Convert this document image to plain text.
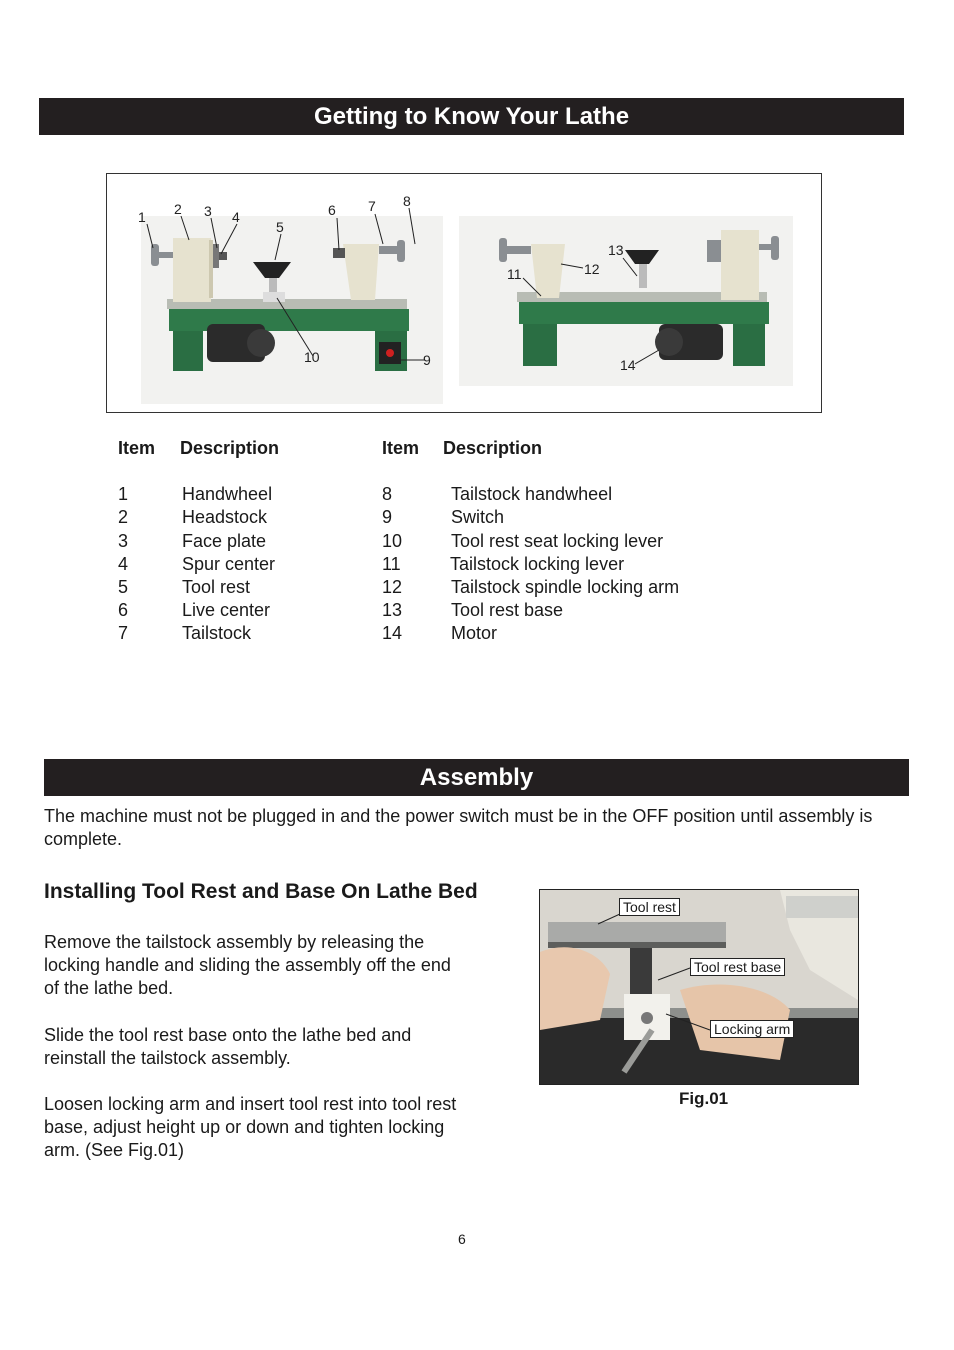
Getting to Know Your Lathe
1 2 3 4
5
6 7 8
9
10
11	12
13
14
Item Description	Item Description
1	Handwheel
2	Headstock
3	Face plate
4	Spur center
5	Tool rest
6	Live center
7	Tailstock
8	Tailstock handwheel
9	Switch
10	Tool rest seat locking lever
11	Tailstock locking lever
12	Tailstock spindle locking arm
13	Tool rest base
14	Motor
Assembly
The machine must not be plugged in and the power switch must be in the OFF position until assembly is complete.
Installing Tool Rest and Base On Lathe Bed
Remove the tailstock assembly by releasing the locking handle and sliding the assembly off the end of the lathe bed.
Slide the tool rest base onto the lathe bed and reinstall the tailstock assembly.
Loosen locking arm and insert tool rest into tool rest base, adjust height up or down and tighten locking arm. (See Fig.01)
Tool rest
Tool rest base
Locking arm
Fig.01
6
